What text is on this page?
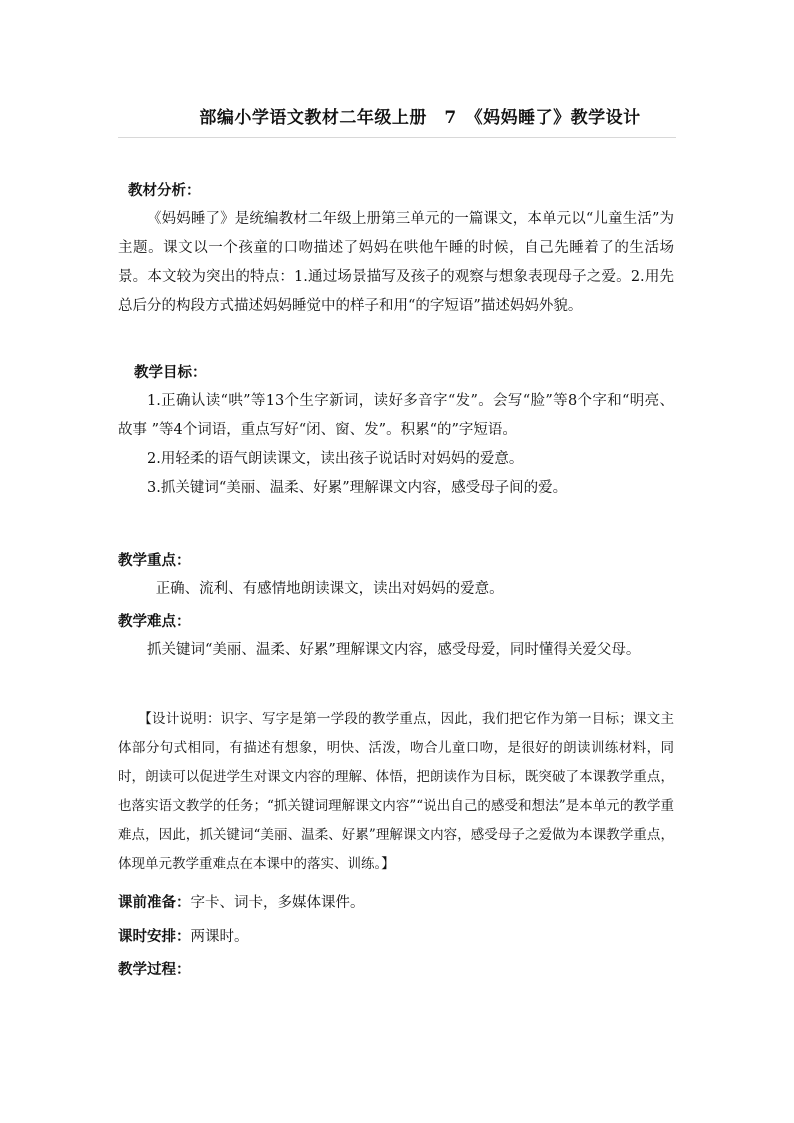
部编小学语文教材二年级上册　7　《妈妈睡了》教学设计
教材分析：
《妈妈睡了》是统编教材二年级上册第三单元的一篇课文，本单元以“儿童生活”为主题。课文以一个孩童的口吻描述了妈妈在哄他午睡的时候，自己先睡着了的生活场景。本文较为突出的特点：1.通过场景描写及孩子的观察与想象表现母子之爱。2.用先总后分的构段方式描述妈妈睡觉中的样子和用“的字短语”描述妈妈外貌。
教学目标：
1.正确认读“哄”等13个生字新词，读好多音字“发”。会写“脸”等8个字和“明亮、 故事 ”等4个词语，重点写好“闭、窗、发”。积累“的”字短语。
2.用轻柔的语气朗读课文，读出孩子说话时对妈妈的爱意。
3.抓关键词“美丽、温柔、好累”理解课文内容，感受母子间的爱。
教学重点：
正确、流利、有感情地朗读课文，读出对妈妈的爱意。
教学难点：
抓关键词“美丽、温柔、好累”理解课文内容，感受母爱，同时懂得关爱父母。
【设计说明：识字、写字是第一学段的教学重点，因此，我们把它作为第一目标；课文主体部分句式相同，有描述有想象，明快、活泼，吻合儿童口吻，是很好的朗读训练材料，同时，朗读可以促进学生对课文内容的理解、体悟，把朗读作为目标，既突破了本课教学重点，也落实语文教学的任务；“抓关键词理解课文内容”“说出自己的感受和想法”是本单元的教学重难点，因此，抓关键词“美丽、温柔、好累”理解课文内容，感受母子之爱做为本课教学重点，体现单元教学重难点在本课中的落实、训练。】
课前准备：字卡、词卡，多媒体课件。
课时安排：两课时。
教学过程：
